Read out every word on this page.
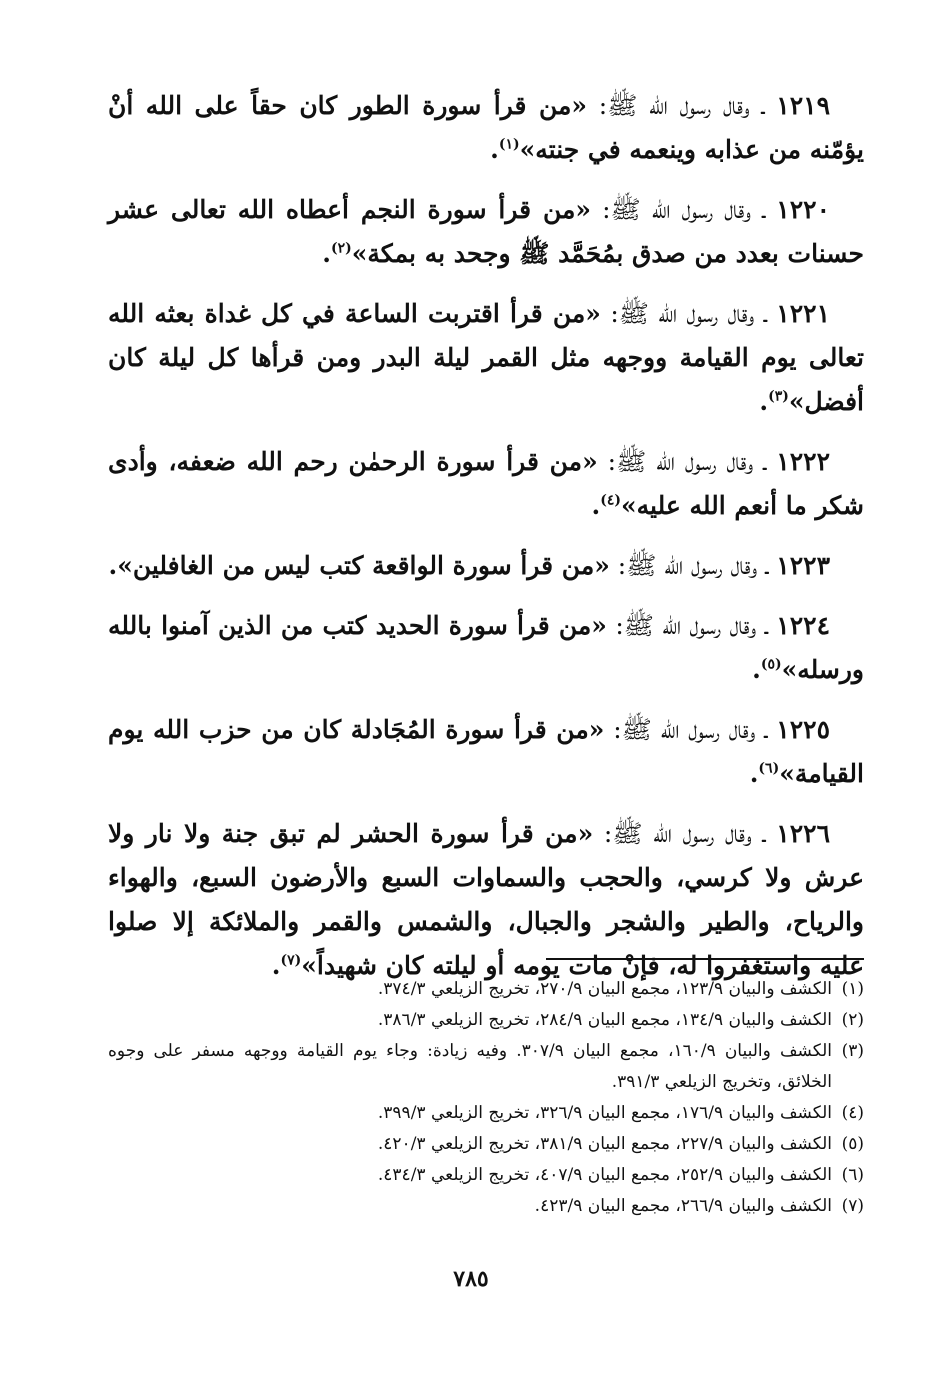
١٢١٩ ـ وقال رسول اللّه ﷺ: «من قرأ سورة الطور كان حقاً على الله أنْ يؤمّنه من عذابه وينعمه في جنته»$^{(١)}$.

١٢٢٠ ـ وقال رسول اللّه ﷺ: «من قرأ سورة النجم أعطاه الله تعالى عشر حسنات بعدد من صدق بمُحَمَّد ﷺ وجحد به بمكة»$^{(٢)}$.

١٢٢١ ـ وقال رسول اللّه ﷺ: «من قرأ اقتربت الساعة في كل غداة بعثه الله تعالى يوم القيامة ووجهه مثل القمر ليلة البدر ومن قرأها كل ليلة كان أفضل»$^{(٣)}$.

١٢٢٢ ـ وقال رسول اللّه ﷺ: «من قرأ سورة الرحمٰن رحم الله ضعفه، وأدى شكر ما أنعم الله عليه»$^{(٤)}$.

١٢٢٣ ـ وقال رسول اللّه ﷺ: «من قرأ سورة الواقعة كتب ليس من الغافلين».

١٢٢٤ ـ وقال رسول اللّه ﷺ: «من قرأ سورة الحديد كتب من الذين آمنوا بالله ورسله»$^{(٥)}$.

١٢٢٥ ـ وقال رسول اللّه ﷺ: «من قرأ سورة المُجَادلة كان من حزب الله يوم القيامة»$^{(٦)}$.

١٢٢٦ ـ وقال رسول اللّه ﷺ: «من قرأ سورة الحشر لم تبق جنة ولا نار ولا عرش ولا كرسي، والحجب والسماوات السبع والأرضون السبع، والهواء والرياح، والطير والشجر والجبال، والشمس والقمر والملائكة إلا صلوا عليه واستغفروا له، فإنْ مات يومه أو ليلته كان شهيداً»$^{(٧)}$.

(١)
الكشف والبيان ١٢٣/٩، مجمع البيان ٢٧٠/٩، تخريج الزيلعي ٣٧٤/٣.
(٢)
الكشف والبيان ١٣٤/٩، مجمع البيان ٢٨٤/٩، تخريج الزيلعي ٣٨٦/٣.
(٣)
الكشف والبيان ١٦٠/٩، مجمع البيان ٣٠٧/٩. وفيه زيادة: وجاء يوم القيامة ووجهه مسفر على وجوه الخلائق، وتخريج الزيلعي ٣٩١/٣.
(٤)
الكشف والبيان ١٧٦/٩، مجمع البيان ٣٢٦/٩، تخريج الزيلعي ٣٩٩/٣.
(٥)
الكشف والبيان ٢٢٧/٩، مجمع البيان ٣٨١/٩، تخريج الزيلعي ٤٢٠/٣.
(٦)
الكشف والبيان ٢٥٢/٩، مجمع البيان ٤٠٧/٩، تخريج الزيلعي ٤٣٤/٣.
(٧)
الكشف والبيان ٢٦٦/٩، مجمع البيان ٤٢٣/٩.
٧٨٥
